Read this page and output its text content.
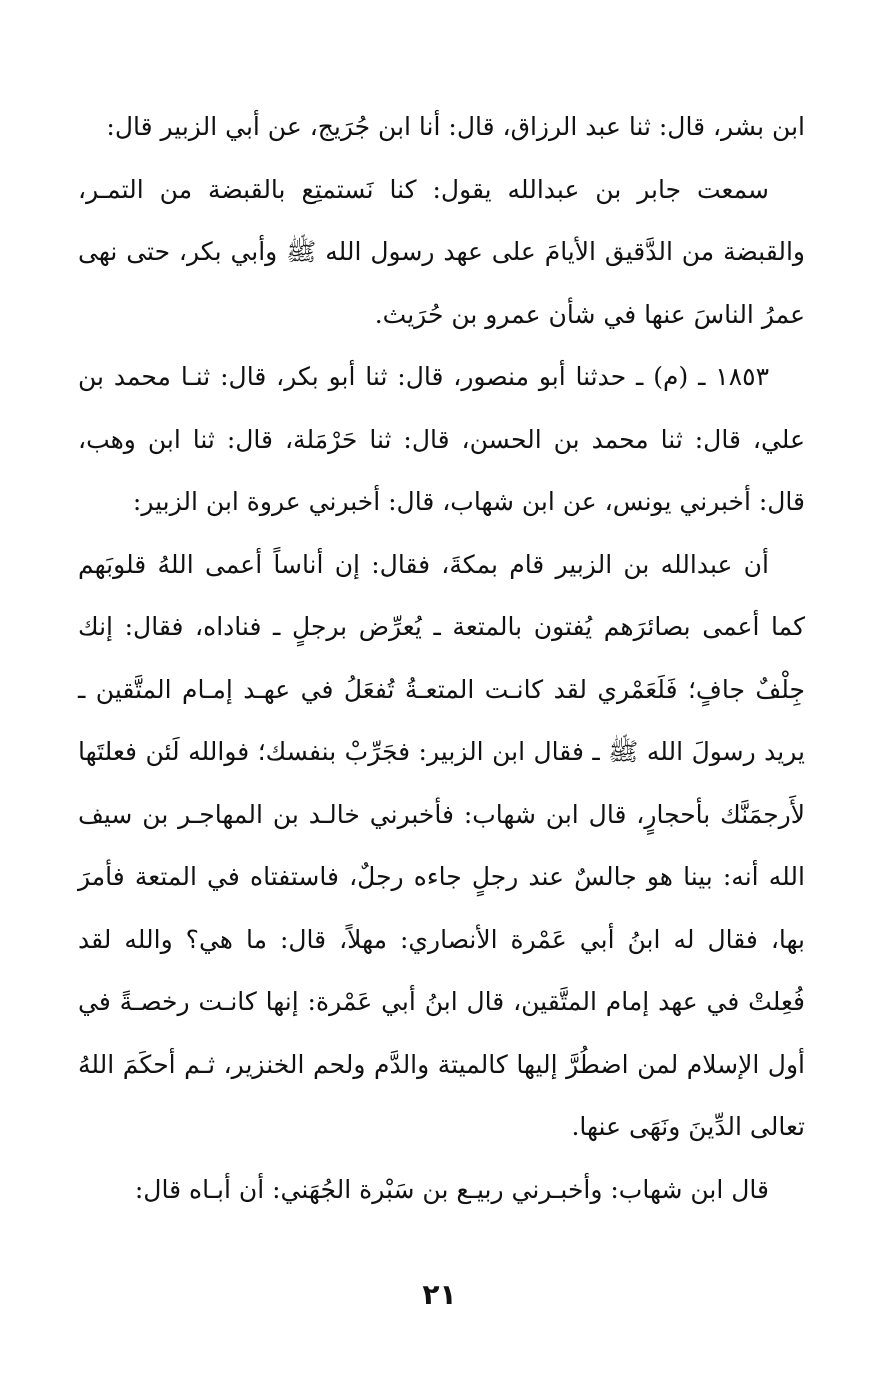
ابن بشر، قال: ثنا عبد الرزاق، قال: أنا ابن جُرَيج، عن أبي الزبير قال:

سمعت جابر بن عبدالله يقول: كنا نَستمتِع بالقبضة من التمـر، والقبضة من الدَّقيق الأيامَ على عهد رسول الله ﷺ وأبي بكر، حتى نهى عمرُ الناسَ عنها في شأن عمرو بن حُرَيث.

١٨٥٣ ـ (م) ـ حدثنا أبو منصور، قال: ثنا أبو بكر، قال: ثنـا محمد بن علي، قال: ثنا محمد بن الحسن، قال: ثنا حَرْمَلة، قال: ثنا ابن وهب، قال: أخبرني يونس، عن ابن شهاب، قال: أخبرني عروة ابن الزبير:

أن عبدالله بن الزبير قام بمكةَ، فقال: إن أناساً أعمى اللهُ قلوبَهم كما أعمى بصائرَهم يُفتون بالمتعة ـ يُعرِّض برجلٍ ـ فناداه، فقال: إنك جِلْفٌ جافٍ؛ فَلَعَمْري لقد كانـت المتعـةُ تُفعَلُ في عهـد إمـام المتَّقين ـ يريد رسولَ الله ﷺ ـ فقال ابن الزبير: فجَرِّبْ بنفسك؛ فوالله لَئن فعلتَها لأَرجمَنَّك بأحجارٍ، قال ابن شهاب: فأخبرني خالـد بن المهاجـر بن سيف الله أنه: بينا هو جالسٌ عند رجلٍ جاءه رجلٌ، فاستفتاه في المتعة فأمرَ بها، فقال له ابنُ أبي عَمْرة الأنصاري: مهلاً، قال: ما هي؟ والله لقد فُعِلتْ في عهد إمام المتَّقين، قال ابنُ أبي عَمْرة: إنها كانـت رخصـةً في أول الإسلام لمن اضطُرَّ إليها كالميتة والدَّم ولحم الخنزير، ثـم أحكَمَ اللهُ تعالى الدِّينَ ونَهَى عنها.

قال ابن شهاب: وأخبـرني ربيـع بن سَبْرة الجُهَني: أن أبـاه قال:

٢١
